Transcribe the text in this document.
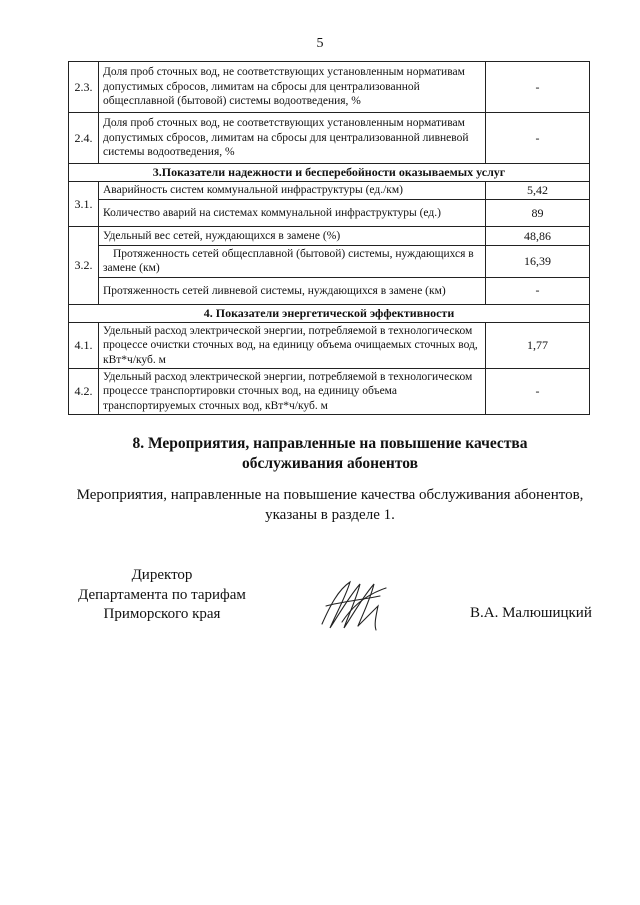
5
2.3.	Доля проб сточных вод, не соответствующих установленным нормативам допустимых сбросов, лимитам на сбросы для централизованной общесплавной (бытовой) системы водоотведения, %	-
2.4.	Доля проб сточных вод, не соответствующих установленным нормативам допустимых сбросов, лимитам на сбросы для централизованной ливневой системы водоотведения, %	-
3.Показатели надежности и бесперебойности оказываемых услуг		
3.1.	Аварийность систем коммунальной инфраструктуры (ед./км)	5,42
	Количество аварий на системах коммунальной инфраструктуры (ед.)	89
3.2.	Удельный вес сетей, нуждающихся в замене (%)	48,86
	Протяженность сетей общесплавной (бытовой) системы, нуждающихся в замене (км)	16,39
	Протяженность сетей ливневой системы, нуждающихся в замене (км)	-
4. Показатели энергетической эффективности		
4.1.	Удельный расход электрической энергии, потребляемой в технологическом процессе очистки сточных вод, на единицу объема очищаемых сточных вод, кВт*ч/куб. м	1,77
4.2.	Удельный расход электрической энергии, потребляемой в технологическом процессе транспортировки сточных вод, на единицу объема транспортируемых сточных вод, кВт*ч/куб. м	-
8. Мероприятия, направленные на повышение качества
обслуживания абонентов
Мероприятия, направленные на повышение качества обслуживания абонентов,
указаны в разделе 1.
Директор
Департамента по тарифам
Приморского края	В.А. Малюшицкий
